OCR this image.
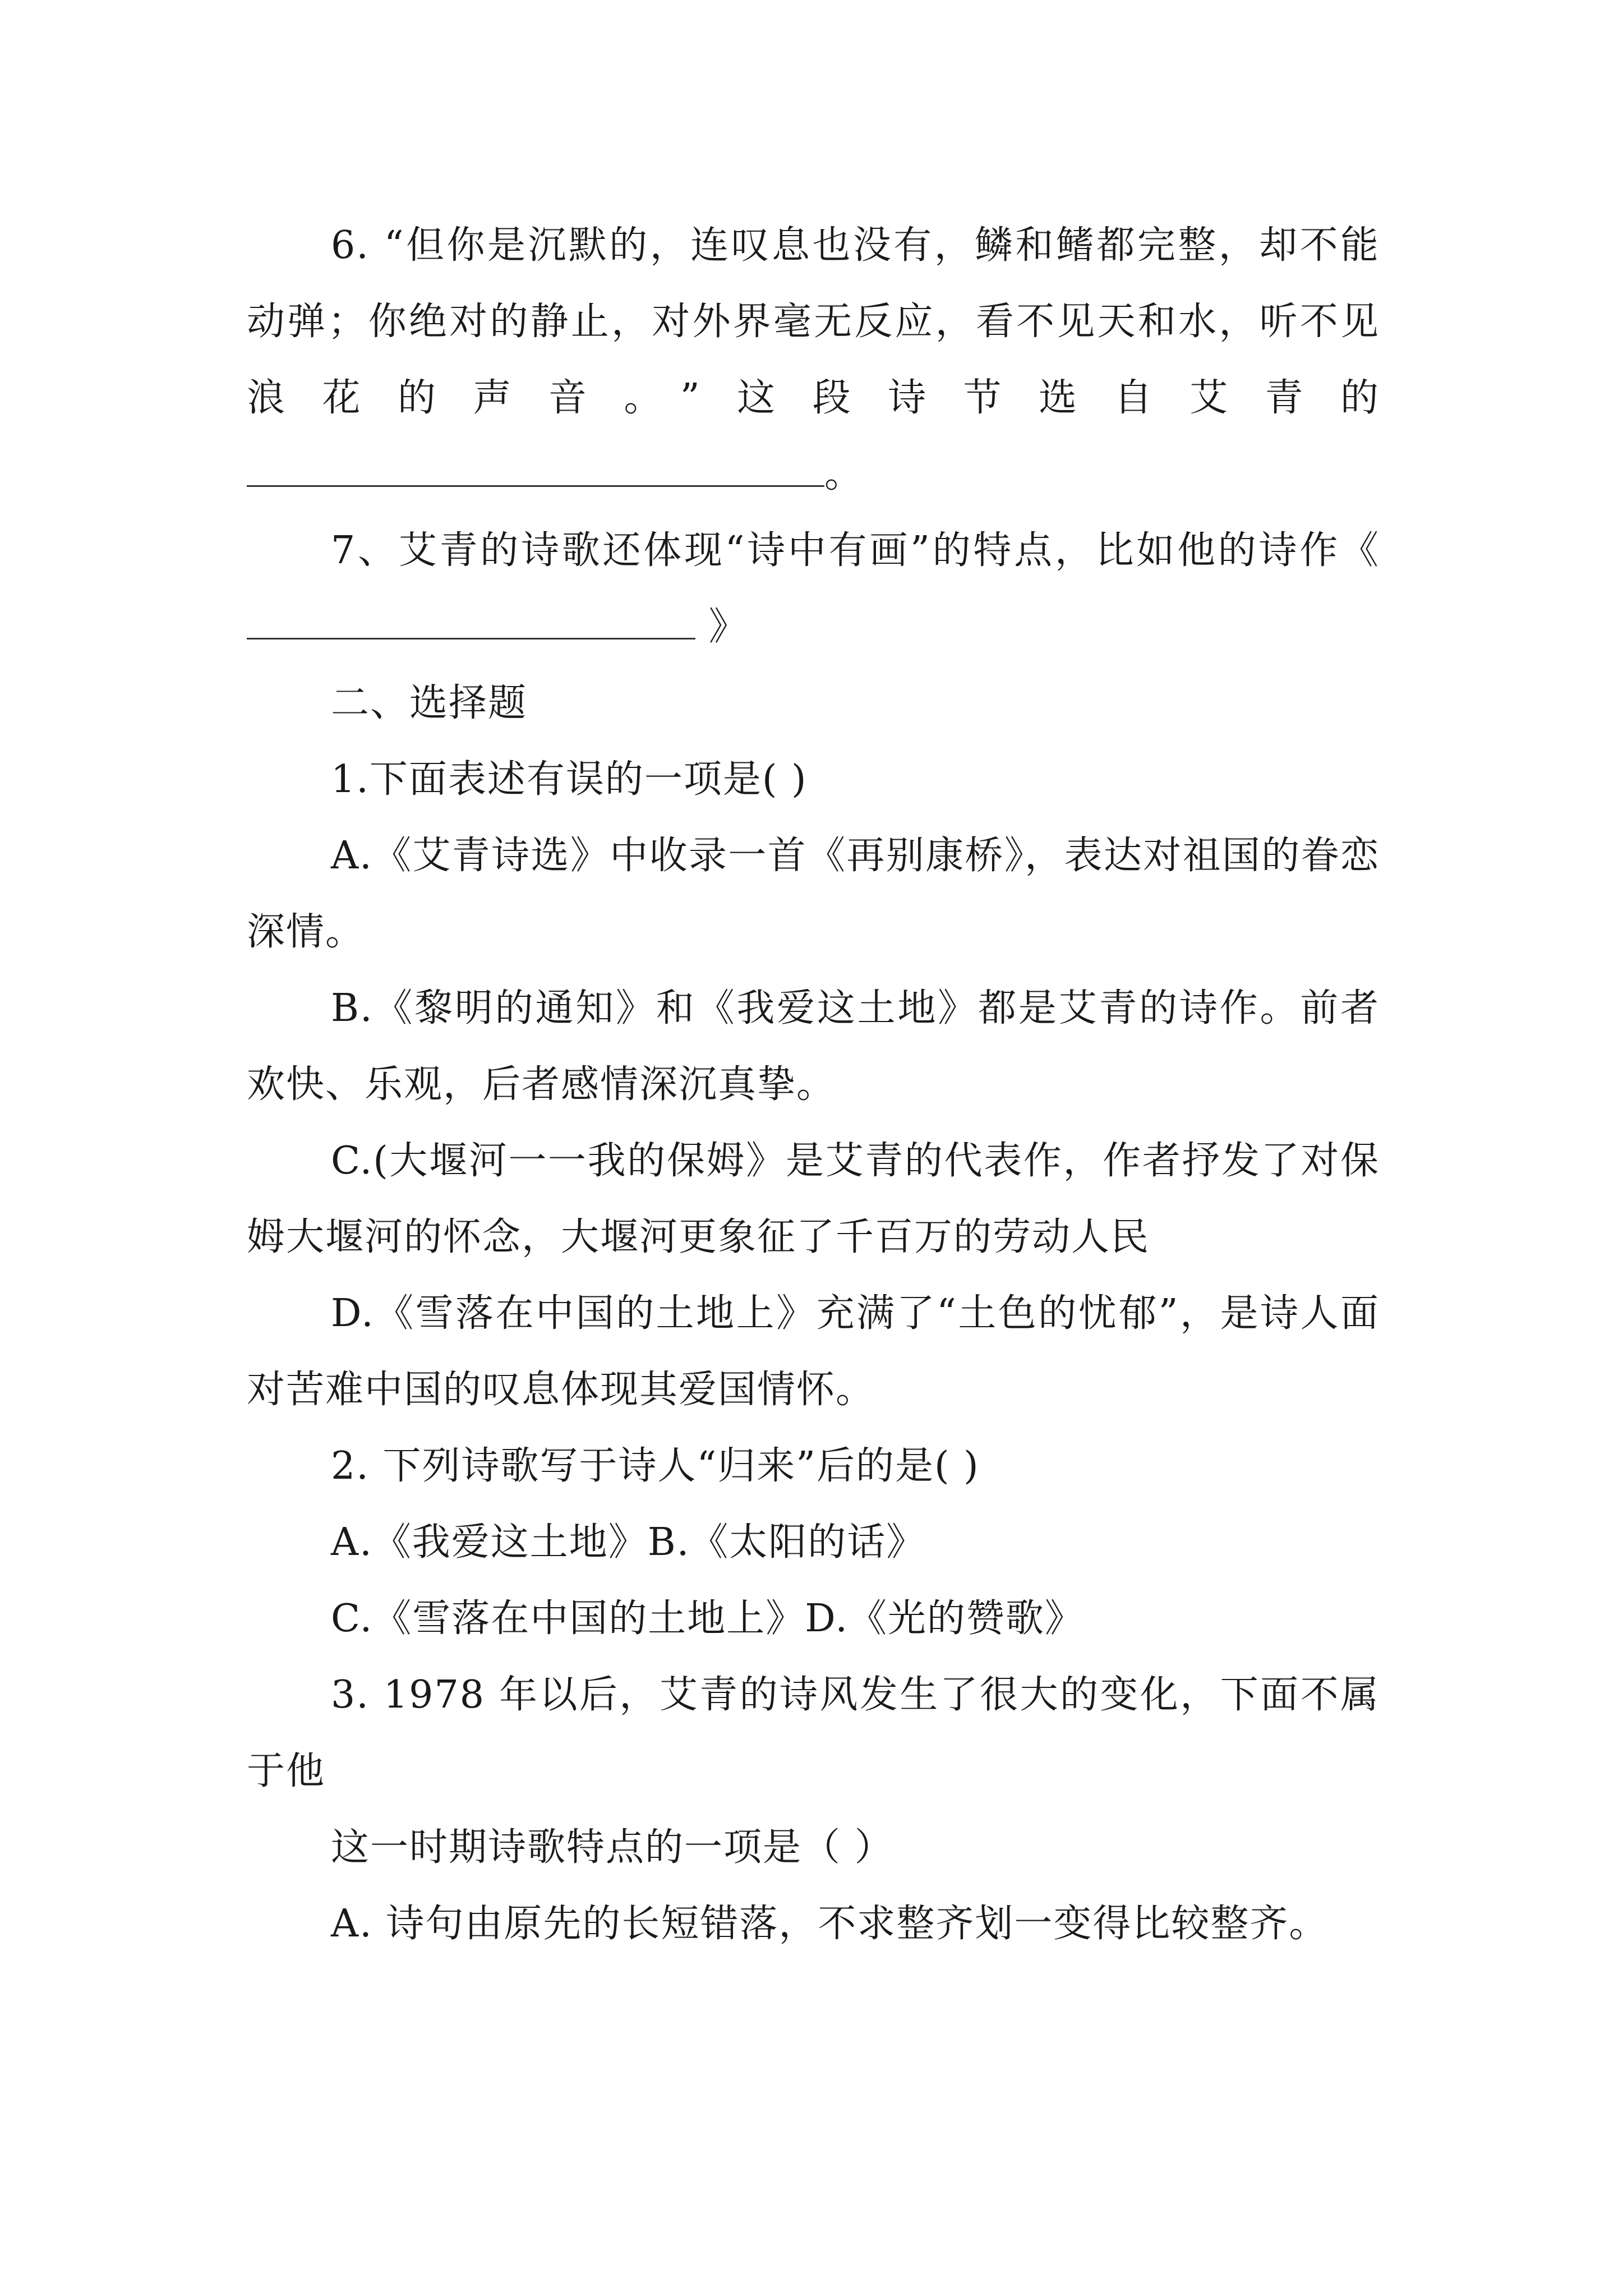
6. “但你是沉默的，连叹息也没有，鳞和鳍都完整，却不能动弹；你绝对的静止，对外界毫无反应，看不见天和水，听不见浪花的声音。”这段诗节选自艾青的。

7、艾青的诗歌还体现“诗中有画”的特点，比如他的诗作《 》

二、选择题

1.下面表述有误的一项是( )

A.《艾青诗选》中收录一首《再别康桥》，表达对祖国的眷恋深情。

B.《黎明的通知》和《我爱这土地》都是艾青的诗作。前者欢快、乐观，后者感情深沉真挚。

C.(大堰河一一我的保姆》是艾青的代表作，作者抒发了对保姆大堰河的怀念，大堰河更象征了千百万的劳动人民

D.《雪落在中国的土地上》充满了“土色的忧郁”，是诗人面对苦难中国的叹息体现其爱国情怀。

2. 下列诗歌写于诗人“归来”后的是( )

A.《我爱这土地》B.《太阳的话》

C.《雪落在中国的土地上》D.《光的赞歌》

3. 1978 年以后，艾青的诗风发生了很大的变化，下面不属于他

这一时期诗歌特点的一项是（ ）

A. 诗句由原先的长短错落，不求整齐划一变得比较整齐。
